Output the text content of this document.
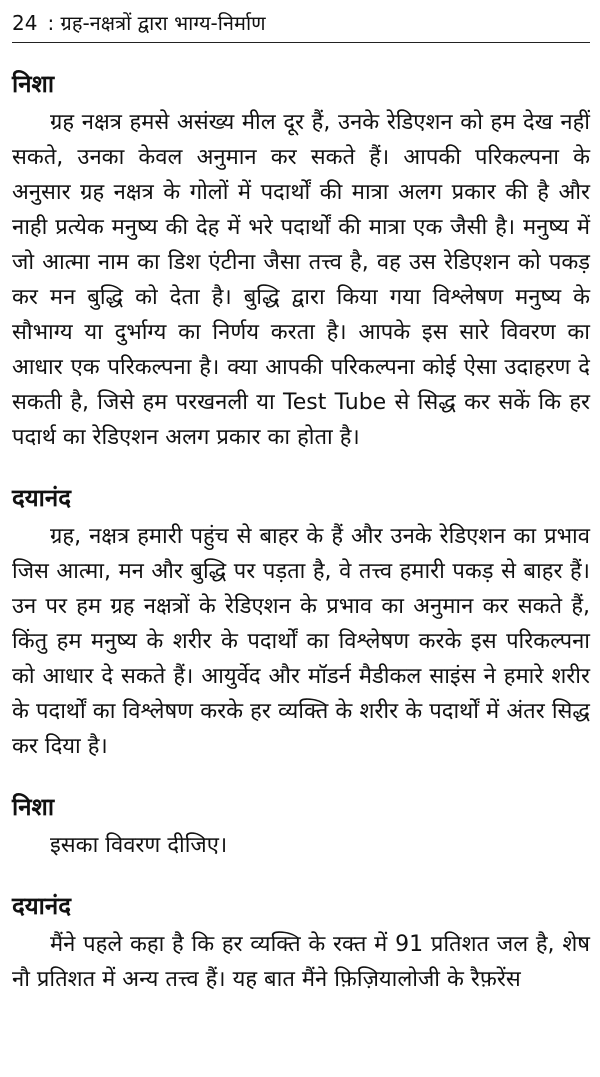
24 : ग्रह-नक्षत्रों द्वारा भाग्य-निर्माण
निशा

ग्रह नक्षत्र हमसे असंख्य मील दूर हैं, उनके रेडिएशन को हम देख नहीं सकते, उनका केवल अनुमान कर सकते हैं। आपकी परिकल्पना के अनुसार ग्रह नक्षत्र के गोलों में पदार्थों की मात्रा अलग प्रकार की है और नाही प्रत्येक मनुष्य की देह में भरे पदार्थों की मात्रा एक जैसी है। मनुष्य में जो आत्मा नाम का डिश एंटीना जैसा तत्त्व है, वह उस रेडिएशन को पकड़ कर मन बुद्धि को देता है। बुद्धि द्वारा किया गया विश्लेषण मनुष्य के सौभाग्य या दुर्भाग्य का निर्णय करता है। आपके इस सारे विवरण का आधार एक परिकल्पना है। क्या आपकी परिकल्पना कोई ऐसा उदाहरण दे सकती है, जिसे हम परखनली या Test Tube से सिद्ध कर सकें कि हर पदार्थ का रेडिएशन अलग प्रकार का होता है।

दयानंद

ग्रह, नक्षत्र हमारी पहुंच से बाहर के हैं और उनके रेडिएशन का प्रभाव जिस आत्मा, मन और बुद्धि पर पड़ता है, वे तत्त्व हमारी पकड़ से बाहर हैं। उन पर हम ग्रह नक्षत्रों के रेडिएशन के प्रभाव का अनुमान कर सकते हैं, किंतु हम मनुष्य के शरीर के पदार्थों का विश्लेषण करके इस परिकल्पना को आधार दे सकते हैं। आयुर्वेद और मॉडर्न मैडीकल साइंस ने हमारे शरीर के पदार्थों का विश्लेषण करके हर व्यक्ति के शरीर के पदार्थों में अंतर सिद्ध कर दिया है।

निशा

इसका विवरण दीजिए।

दयानंद

मैंने पहले कहा है कि हर व्यक्ति के रक्त में 91 प्रतिशत जल है, शेष नौ प्रतिशत में अन्य तत्त्व हैं। यह बात मैंने फ़िज़ियालोजी के रैफ़रेंस
